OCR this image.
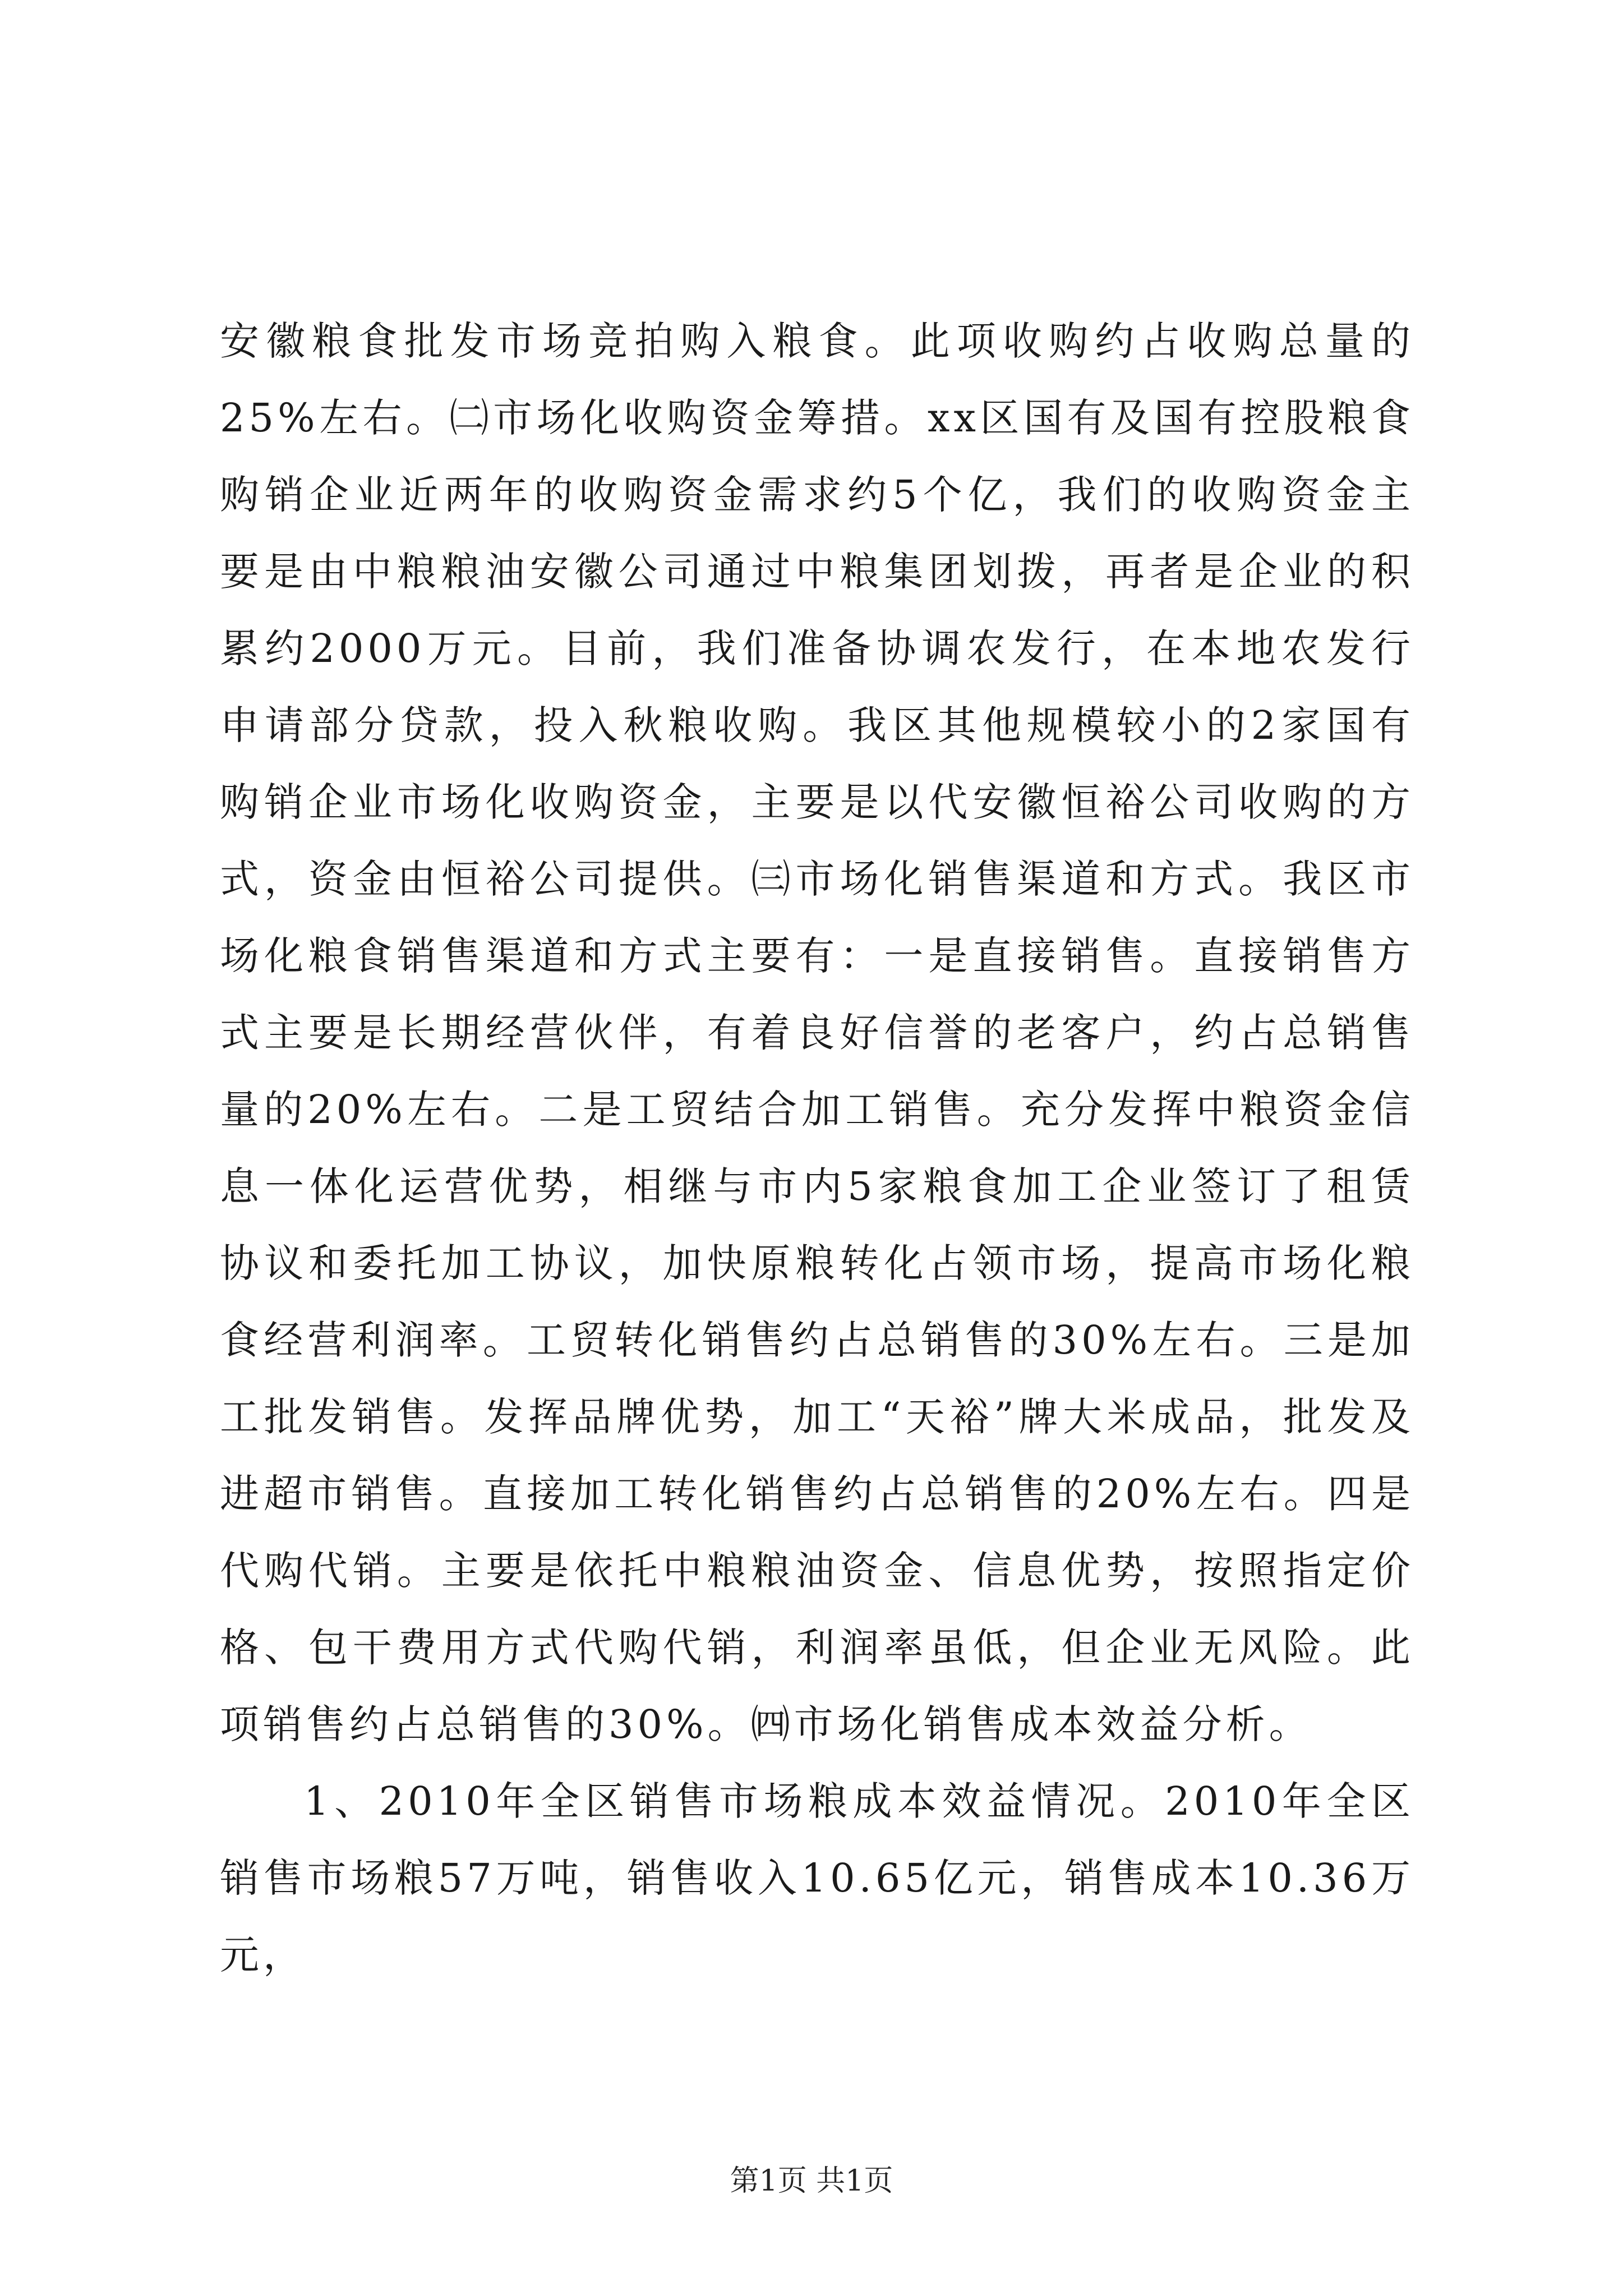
安徽粮食批发市场竞拍购入粮食。此项收购约占收购总量的25%左右。㈡市场化收购资金筹措。xx区国有及国有控股粮食购销企业近两年的收购资金需求约5个亿，我们的收购资金主要是由中粮粮油安徽公司通过中粮集团划拨，再者是企业的积累约2000万元。目前，我们准备协调农发行，在本地农发行申请部分贷款，投入秋粮收购。我区其他规模较小的2家国有购销企业市场化收购资金，主要是以代安徽恒裕公司收购的方式，资金由恒裕公司提供。㈢市场化销售渠道和方式。我区市场化粮食销售渠道和方式主要有：一是直接销售。直接销售方式主要是长期经营伙伴，有着良好信誉的老客户，约占总销售量的20%左右。二是工贸结合加工销售。充分发挥中粮资金信息一体化运营优势，相继与市内5家粮食加工企业签订了租赁协议和委托加工协议，加快原粮转化占领市场，提高市场化粮食经营利润率。工贸转化销售约占总销售的30%左右。三是加工批发销售。发挥品牌优势，加工“天裕”牌大米成品，批发及进超市销售。直接加工转化销售约占总销售的20%左右。四是代购代销。主要是依托中粮粮油资金、信息优势，按照指定价格、包干费用方式代购代销，利润率虽低，但企业无风险。此项销售约占总销售的30%。㈣市场化销售成本效益分析。

1、2010年全区销售市场粮成本效益情况。2010年全区销售市场粮57万吨，销售收入10.65亿元，销售成本10.36万元，

第1页 共1页
